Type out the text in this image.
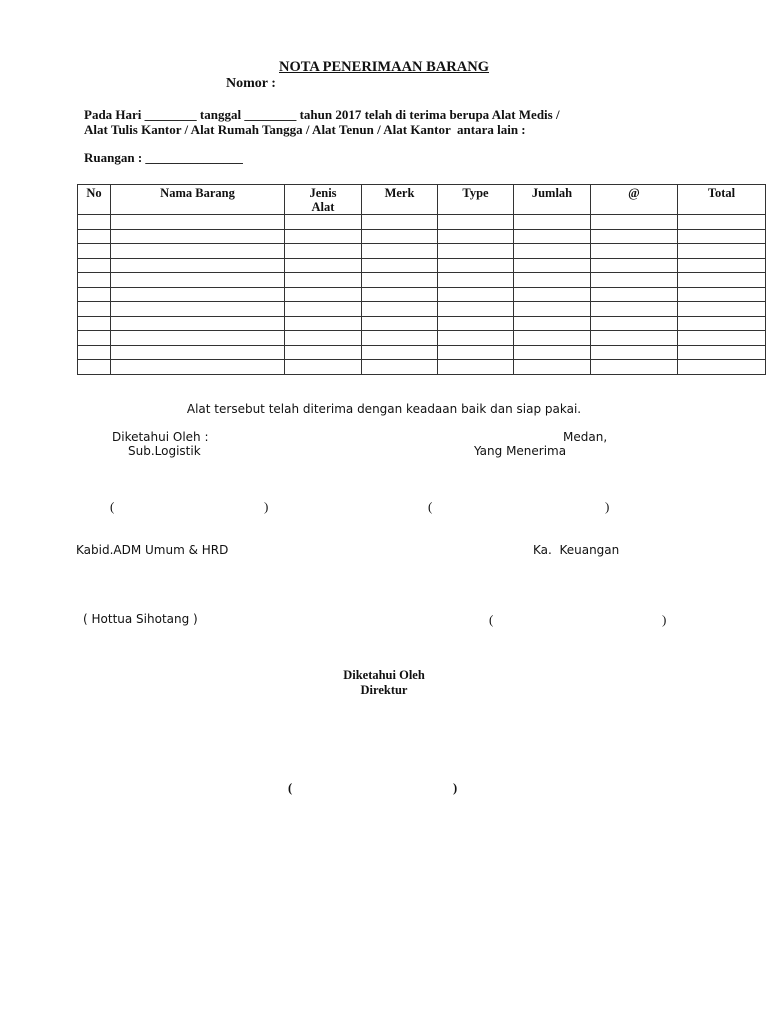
NOTA PENERIMAAN BARANG
Nomor :
Pada Hari ________ tanggal ________ tahun 2017 telah di terima berupa Alat Medis /
Alat Tulis Kantor / Alat Rumah Tangga / Alat Tenun / Alat Kantor  antara lain :
Ruangan : _______________
No	Nama Barang	Jenis Alat	Merk	Type	Jumlah	@	Total

Alat tersebut telah diterima dengan keadaan baik dan siap pakai.
Diketahui Oleh :
Sub.Logistik
Medan,
Yang Menerima
(	)	(	)
Kabid.ADM Umum & HRD	Ka.  Keuangan
( Hottua Sihotang )	(	)
Diketahui Oleh
Direktur
(	)
